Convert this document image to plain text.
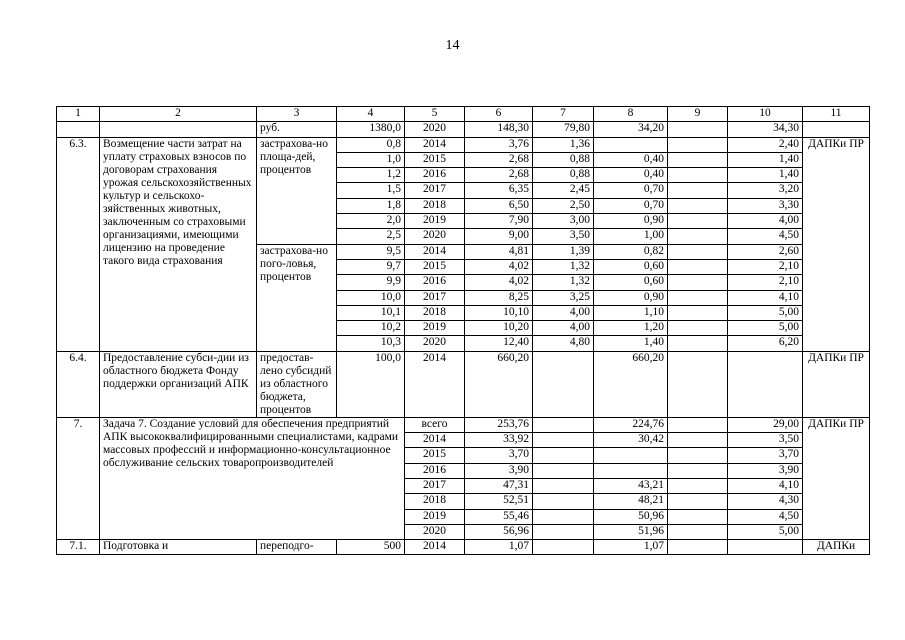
14
1	2	3	4	5	6	7	8	9	10	11
		руб.	1380,0	2020	148,30	79,80	34,20		34,30	
6.3.	Возмещение части затрат на уплату страховых взносов по договорам страхования урожая сельскохозяйственных культур и сельскохо-зяйственных животных, заключенным со страховыми организациями, имеющими лицензию на проведение такого вида страхования	застрахова-но площа-дей, процентов	0,8	2014	3,76	1,36			2,40	ДАПКи ПР
			1,0	2015	2,68	0,88	0,40		1,40	
			1,2	2016	2,68	0,88	0,40		1,40	
			1,5	2017	6,35	2,45	0,70		3,20	
			1,8	2018	6,50	2,50	0,70		3,30	
			2,0	2019	7,90	3,00	0,90		4,00	
			2,5	2020	9,00	3,50	1,00		4,50	
		застрахова-но пого-ловья, процентов	9,5	2014	4,81	1,39	0,82		2,60	
			9,7	2015	4,02	1,32	0,60		2,10	
			9,9	2016	4,02	1,32	0,60		2,10	
			10,0	2017	8,25	3,25	0,90		4,10	
			10,1	2018	10,10	4,00	1,10		5,00	
			10,2	2019	10,20	4,00	1,20		5,00	
			10,3	2020	12,40	4,80	1,40		6,20	
6.4.	Предоставление субси-дии из областного бюджета Фонду поддержки организаций АПК	предостав-лено субсидий из областного бюджета, процентов	100,0	2014	660,20		660,20			ДАПКи ПР
7.	Задача 7. Создание условий для обеспечения предприятий АПК высококвалифицированными специалистами, кадрами массовых профессий и информационно-консультационное обслуживание сельских товаропроизводителей			всего	253,76		224,76		29,00	ДАПКи ПР
				2014	33,92		30,42		3,50	
				2015	3,70				3,70	
				2016	3,90				3,90	
				2017	47,31		43,21		4,10	
				2018	52,51		48,21		4,30	
				2019	55,46		50,96		4,50	
				2020	56,96		51,96		5,00	
7.1.	Подготовка и	переподго-	500	2014	1,07		1,07			ДАПКи
